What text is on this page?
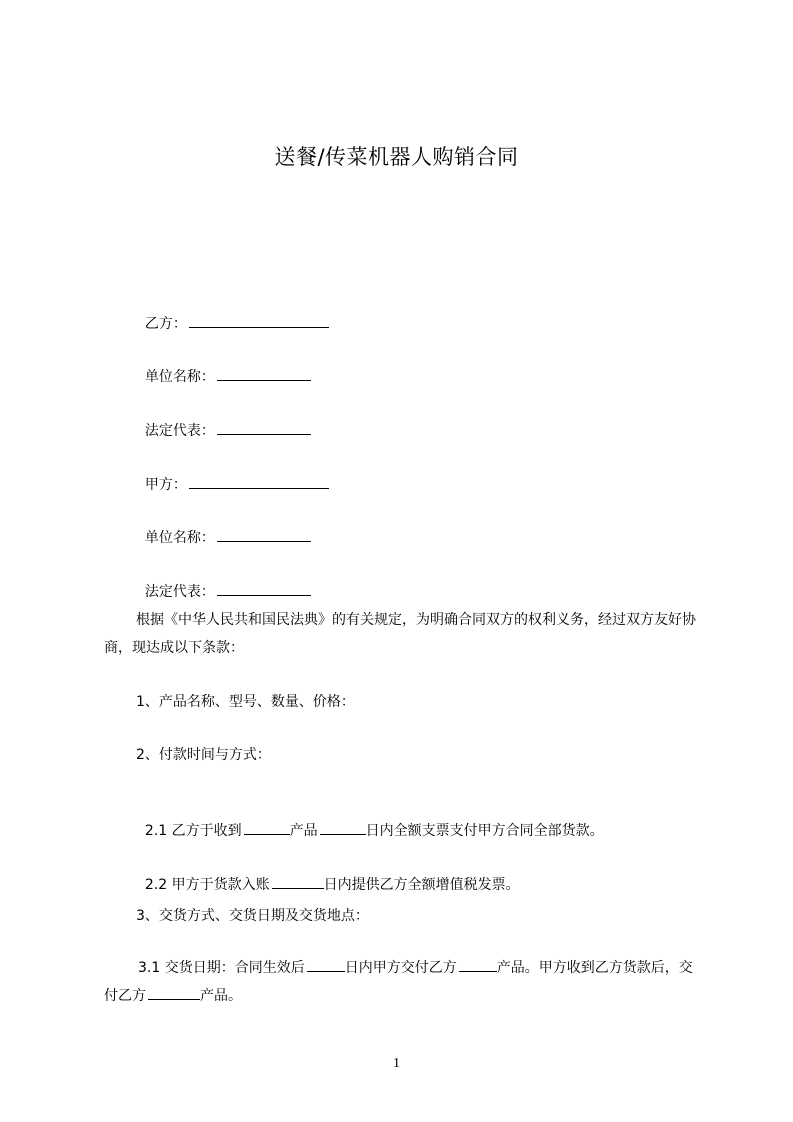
送餐/传菜机器人购销合同

乙方：

单位名称：

法定代表：

甲方：

单位名称：

法定代表：

根据《中华人民共和国民法典》的有关规定，为明确合同双方的权利义务，经过双方友好协商，现达成以下条款：
1、产品名称、型号、数量、价格：
2、付款时间与方式：

2.1 乙方于收到	产品	日内全额支票支付甲方合同全部货款。

2.2 甲方于货款入账	日内提供乙方全额增值税发票。

3、交货方式、交货日期及交货地点：
3.1 交货日期：合同生效后	日内甲方交付乙方	产品。甲方收到乙方货款后，交付乙方	产品。
1
